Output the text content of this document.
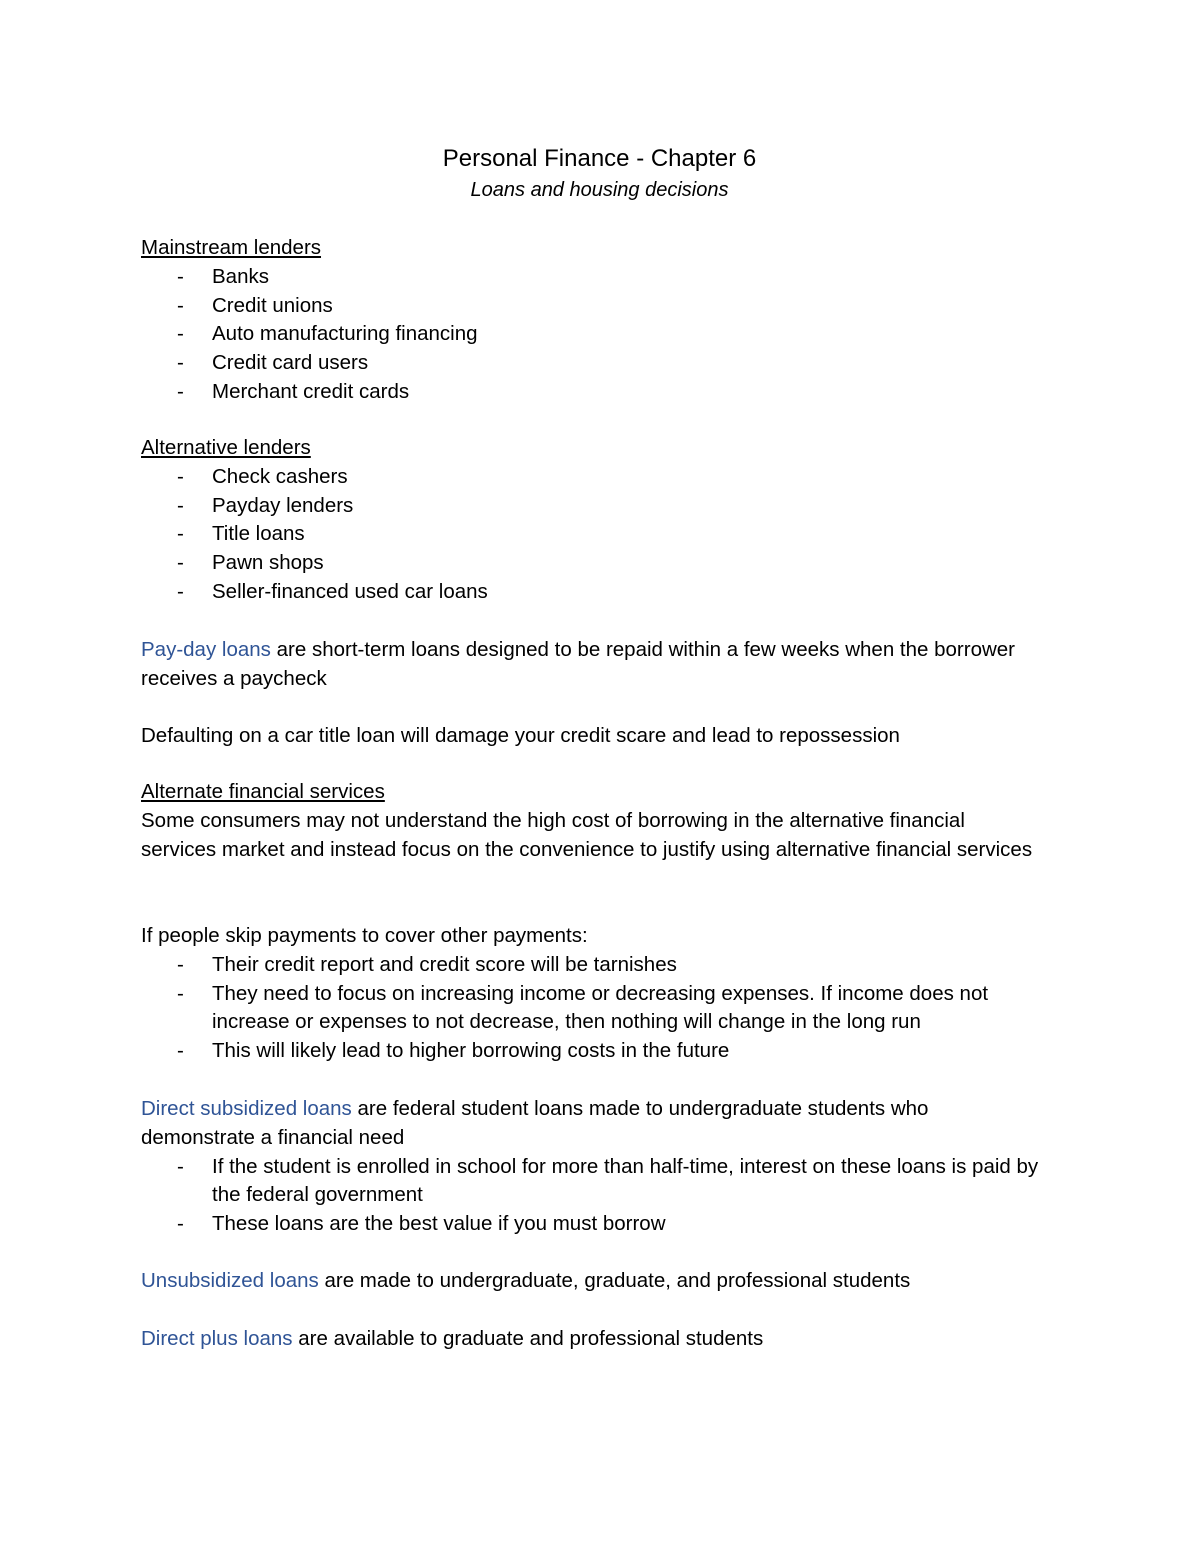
Personal Finance - Chapter 6

Loans and housing decisions

Mainstream lenders

- Banks
- Credit unions
- Auto manufacturing financing
- Credit card users
- Merchant credit cards

Alternative lenders

- Check cashers
- Payday lenders
- Title loans
- Pawn shops
- Seller-financed used car loans

Pay-day loans are short-term loans designed to be repaid within a few weeks when the borrower receives a paycheck

Defaulting on a car title loan will damage your credit scare and lead to repossession

Alternate financial services

Some consumers may not understand the high cost of borrowing in the alternative financial services market and instead focus on the convenience to justify using alternative financial services

If people skip payments to cover other payments:

- Their credit report and credit score will be tarnishes
- They need to focus on increasing income or decreasing expenses. If income does not increase or expenses to not decrease, then nothing will change in the long run
- This will likely lead to higher borrowing costs in the future

Direct subsidized loans are federal student loans made to undergraduate students who demonstrate a financial need

- If the student is enrolled in school for more than half-time, interest on these loans is paid by the federal government
- These loans are the best value if you must borrow

Unsubsidized loans are made to undergraduate, graduate, and professional students

Direct plus loans are available to graduate and professional students
